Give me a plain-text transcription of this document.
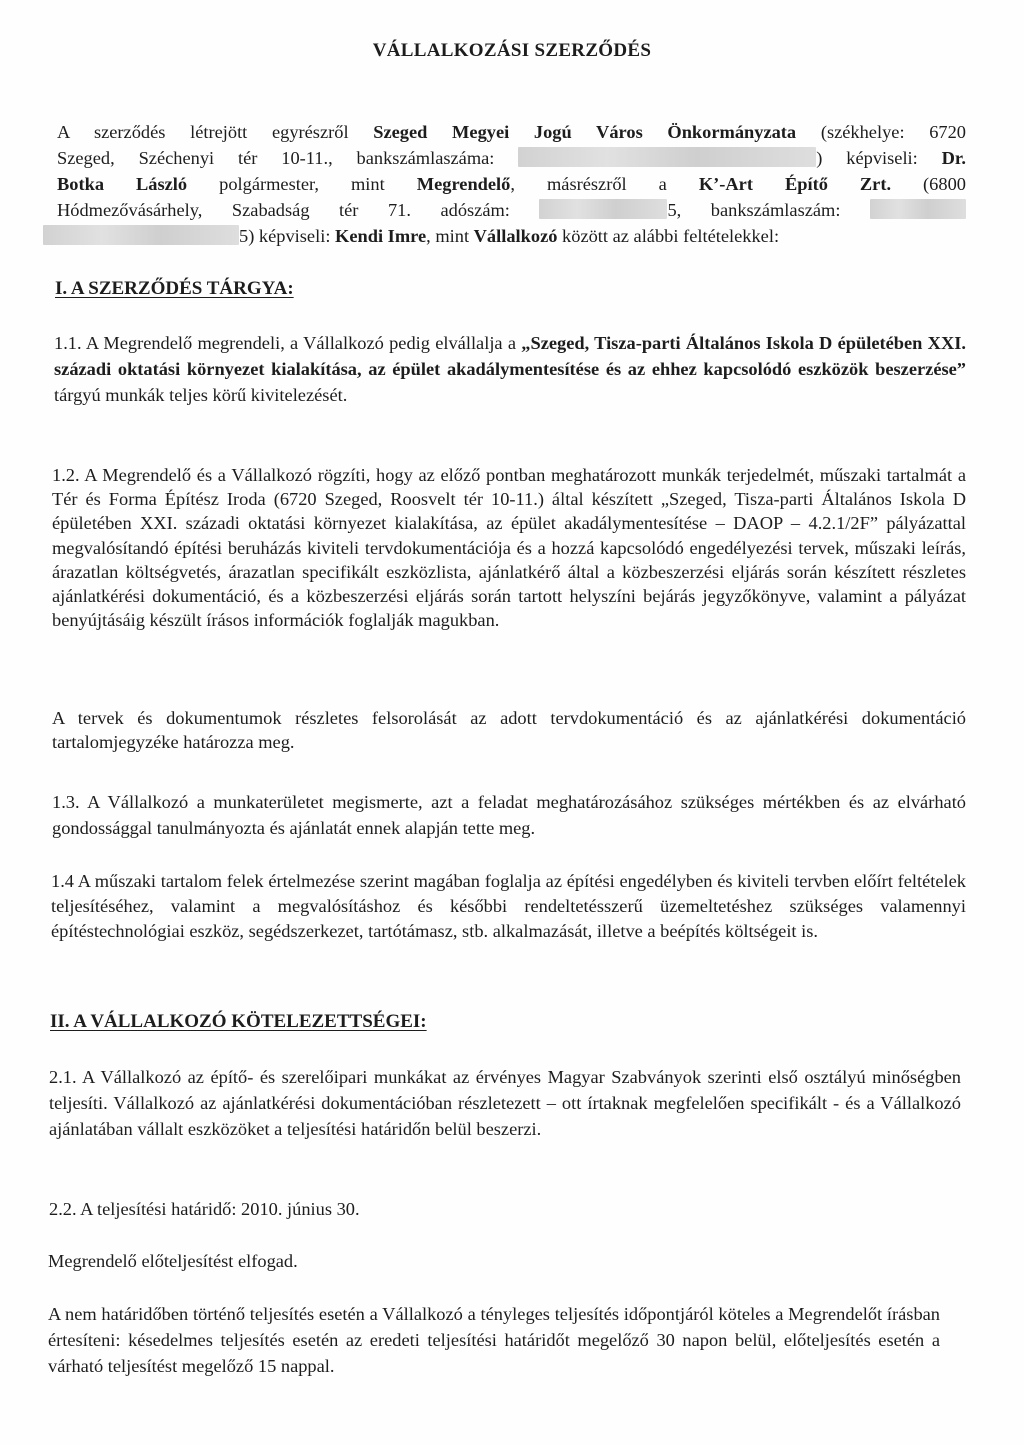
VÁLLALKOZÁSI SZERZŐDÉS
A szerződés létrejött egyrészről Szeged Megyei Jogú Város Önkormányzata (székhelye: 6720
Szeged, Széchenyi tér 10-11., bankszámlaszáma:	) képviseli: Dr.
Botka László polgármester, mint Megrendelő, másrészről a K’-Art Építő Zrt. (6800
Hódmezővásárhely, Szabadság tér 71. adószám:	5, bankszámlaszám:
5) képviseli: Kendi Imre, mint Vállalkozó között az alábbi feltételekkel:
I. A SZERZŐDÉS TÁRGYA:
1.1. A Megrendelő megrendeli, a Vállalkozó pedig elvállalja a „Szeged, Tisza-parti Általános Iskola D épületében XXI. századi oktatási környezet kialakítása, az épület akadálymentesítése és az ehhez kapcsolódó eszközök beszerzése” tárgyú munkák teljes körű kivitelezését.
1.2. A Megrendelő és a Vállalkozó rögzíti, hogy az előző pontban meghatározott munkák terjedelmét, műszaki tartalmát a Tér és Forma Építész Iroda (6720 Szeged, Roosvelt tér 10-11.) által készített „Szeged, Tisza-parti Általános Iskola D épületében XXI. századi oktatási környezet kialakítása, az épület akadálymentesítése – DAOP – 4.2.1/2F” pályázattal megvalósítandó építési beruházás kiviteli tervdokumentációja és a hozzá kapcsolódó engedélyezési tervek, műszaki leírás, árazatlan költségvetés, árazatlan specifikált eszközlista, ajánlatkérő által a közbeszerzési eljárás során készített részletes ajánlatkérési dokumentáció, és a közbeszerzési eljárás során tartott helyszíni bejárás jegyzőkönyve, valamint a pályázat benyújtásáig készült írásos információk foglalják magukban.
A tervek és dokumentumok részletes felsorolását az adott tervdokumentáció és az ajánlatkérési dokumentáció tartalomjegyzéke határozza meg.
1.3. A Vállalkozó a munkaterületet megismerte, azt a feladat meghatározásához szükséges mértékben és az elvárható gondossággal tanulmányozta és ajánlatát ennek alapján tette meg.
1.4 A műszaki tartalom felek értelmezése szerint magában foglalja az építési engedélyben és kiviteli tervben előírt feltételek teljesítéséhez, valamint a megvalósításhoz és későbbi rendeltetésszerű üzemeltetéshez szükséges valamennyi építéstechnológiai eszköz, segédszerkezet, tartótámasz, stb. alkalmazását, illetve a beépítés költségeit is.
II. A VÁLLALKOZÓ KÖTELEZETTSÉGEI:
2.1. A Vállalkozó az építő- és szerelőipari munkákat az érvényes Magyar Szabványok szerinti első osztályú minőségben teljesíti. Vállalkozó az ajánlatkérési dokumentációban részletezett – ott írtaknak megfelelően specifikált - és a Vállalkozó ajánlatában vállalt eszközöket a teljesítési határidőn belül beszerzi.
2.2. A teljesítési határidő: 2010. június 30.
Megrendelő előteljesítést elfogad.
A nem határidőben történő teljesítés esetén a Vállalkozó a tényleges teljesítés időpontjáról köteles a Megrendelőt írásban értesíteni: késedelmes teljesítés esetén az eredeti teljesítési határidőt megelőző 30 napon belül, előteljesítés esetén a várható teljesítést megelőző 15 nappal.
